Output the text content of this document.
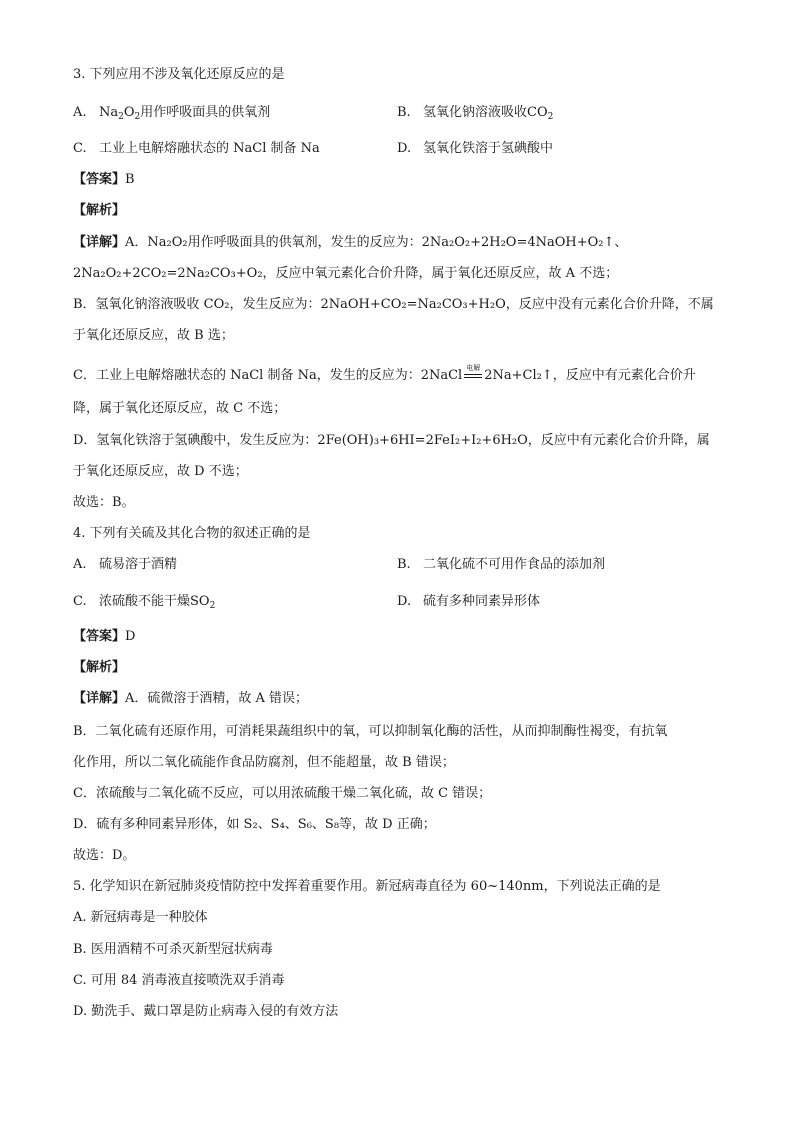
3. 下列应用不涉及氧化还原反应的是
A. $Na_2O_2$用作呼吸面具的供氧剂	B. 氢氧化钠溶液吸收$CO_2$
C. 工业上电解熔融状态的 NaCl 制备 Na	D. 氢氧化铁溶于氢碘酸中
【答案】B
【解析】
【详解】A．Na₂O₂用作呼吸面具的供氧剂，发生的反应为：2Na₂O₂+2H₂O=4NaOH+O₂↑、
2Na₂O₂+2CO₂=2Na₂CO₃+O₂，反应中氧元素化合价升降，属于氧化还原反应，故 A 不选；
B．氢氧化钠溶液吸收 CO₂，发生反应为：2NaOH+CO₂=Na₂CO₃+H₂O，反应中没有元素化合价升降，不属
于氧化还原反应，故 B 选；
C．工业上电解熔融状态的 NaCl 制备 Na，发生的反应为：2NaCl 电解 2Na+Cl₂↑，反应中有元素化合价升
降，属于氧化还原反应，故 C 不选；
D．氢氧化铁溶于氢碘酸中，发生反应为：2Fe(OH)₃+6HI=2FeI₂+I₂+6H₂O，反应中有元素化合价升降，属
于氧化还原反应，故 D 不选；
故选：B。
4. 下列有关硫及其化合物的叙述正确的是
A. 硫易溶于酒精	B. 二氧化硫不可用作食品的添加剂
C. 浓硫酸不能干燥$SO_2$	D. 硫有多种同素异形体
【答案】D
【解析】
【详解】A．硫微溶于酒精，故 A 错误；
B．二氧化硫有还原作用，可消耗果蔬组织中的氧，可以抑制氧化酶的活性，从而抑制酶性褐变，有抗氧
化作用，所以二氧化硫能作食品防腐剂，但不能超量，故 B 错误；
C．浓硫酸与二氧化硫不反应，可以用浓硫酸干燥二氧化硫，故 C 错误；
D．硫有多种同素异形体，如 S₂、S₄、S₆、S₈等，故 D 正确；
故选：D。
5. 化学知识在新冠肺炎疫情防控中发挥着重要作用。新冠病毒直径为 60~140nm，下列说法正确的是
A. 新冠病毒是一种胶体
B. 医用酒精不可杀灭新型冠状病毒
C. 可用 84 消毒液直接喷洗双手消毒
D. 勤洗手、戴口罩是防止病毒入侵的有效方法
